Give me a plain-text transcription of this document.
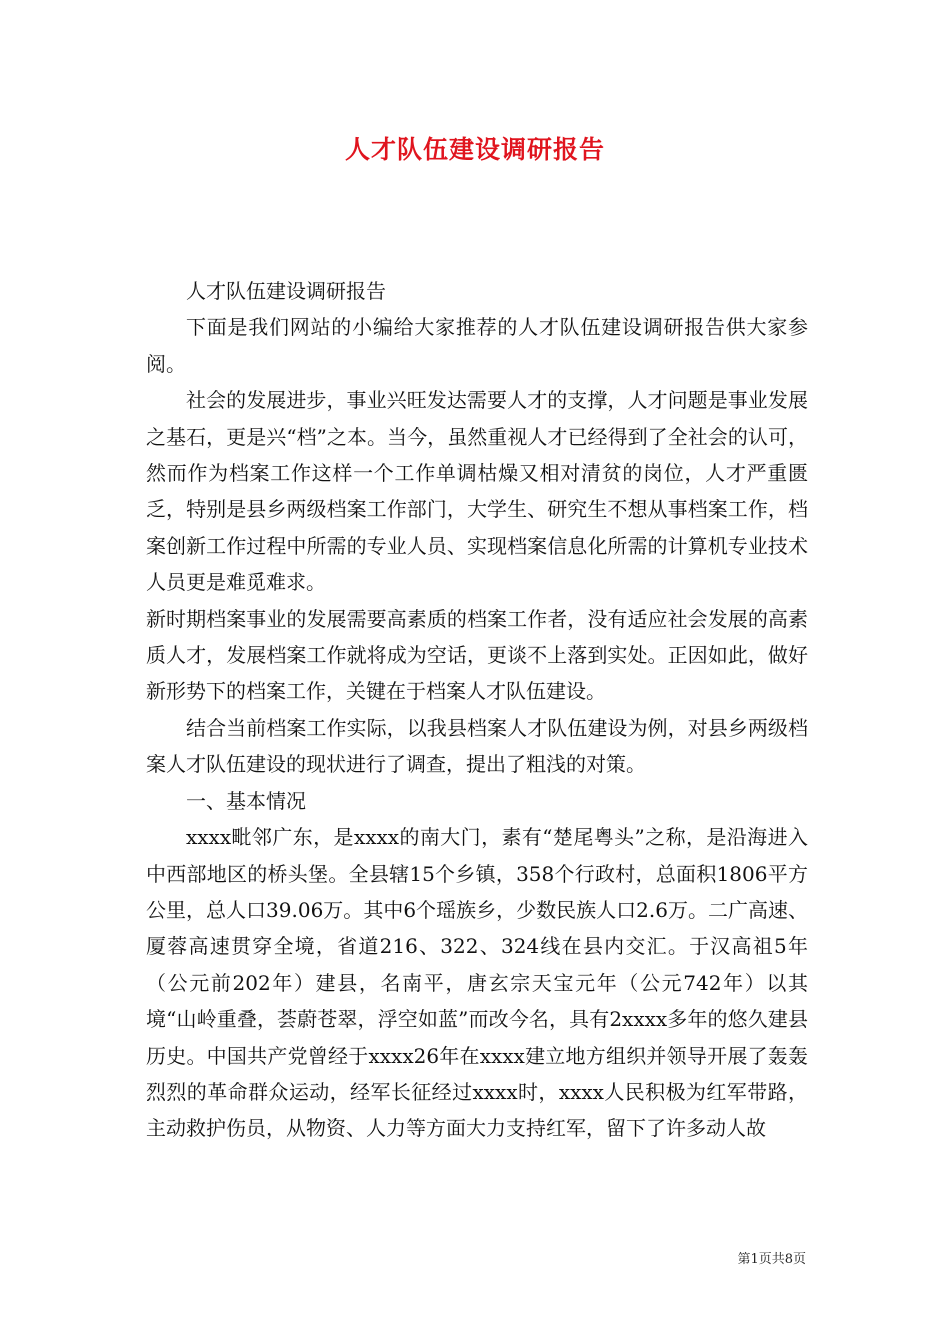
人才队伍建设调研报告

人才队伍建设调研报告

下面是我们网站的小编给大家推荐的人才队伍建设调研报告供大家参阅。

社会的发展进步，事业兴旺发达需要人才的支撑，人才问题是事业发展之基石，更是兴“档”之本。当今，虽然重视人才已经得到了全社会的认可，然而作为档案工作这样一个工作单调枯燥又相对清贫的岗位，人才严重匮乏，特别是县乡两级档案工作部门，大学生、研究生不想从事档案工作，档案创新工作过程中所需的专业人员、实现档案信息化所需的计算机专业技术人员更是难觅难求。

新时期档案事业的发展需要高素质的档案工作者，没有适应社会发展的高素质人才，发展档案工作就将成为空话，更谈不上落到实处。正因如此，做好新形势下的档案工作，关键在于档案人才队伍建设。

结合当前档案工作实际，以我县档案人才队伍建设为例，对县乡两级档案人才队伍建设的现状进行了调查，提出了粗浅的对策。

一、基本情况

xxxx毗邻广东，是xxxx的南大门，素有“楚尾粤头”之称，是沿海进入中西部地区的桥头堡。全县辖15个乡镇，358个行政村，总面积1806平方公里，总人口39.06万。其中6个瑶族乡，少数民族人口2.6万。二广高速、厦蓉高速贯穿全境，省道216、322、324线在县内交汇。于汉高祖5年（公元前202年）建县，名南平，唐玄宗天宝元年（公元742年）以其境“山岭重叠，荟蔚苍翠，浮空如蓝”而改今名，具有2xxxx多年的悠久建县历史。中国共产党曾经于xxxx26年在xxxx建立地方组织并领导开展了轰轰烈烈的革命群众运动，经军长征经过xxxx时，xxxx人民积极为红军带路，主动救护伤员，从物资、人力等方面大力支持红军，留下了许多动人故

第1页共8页
